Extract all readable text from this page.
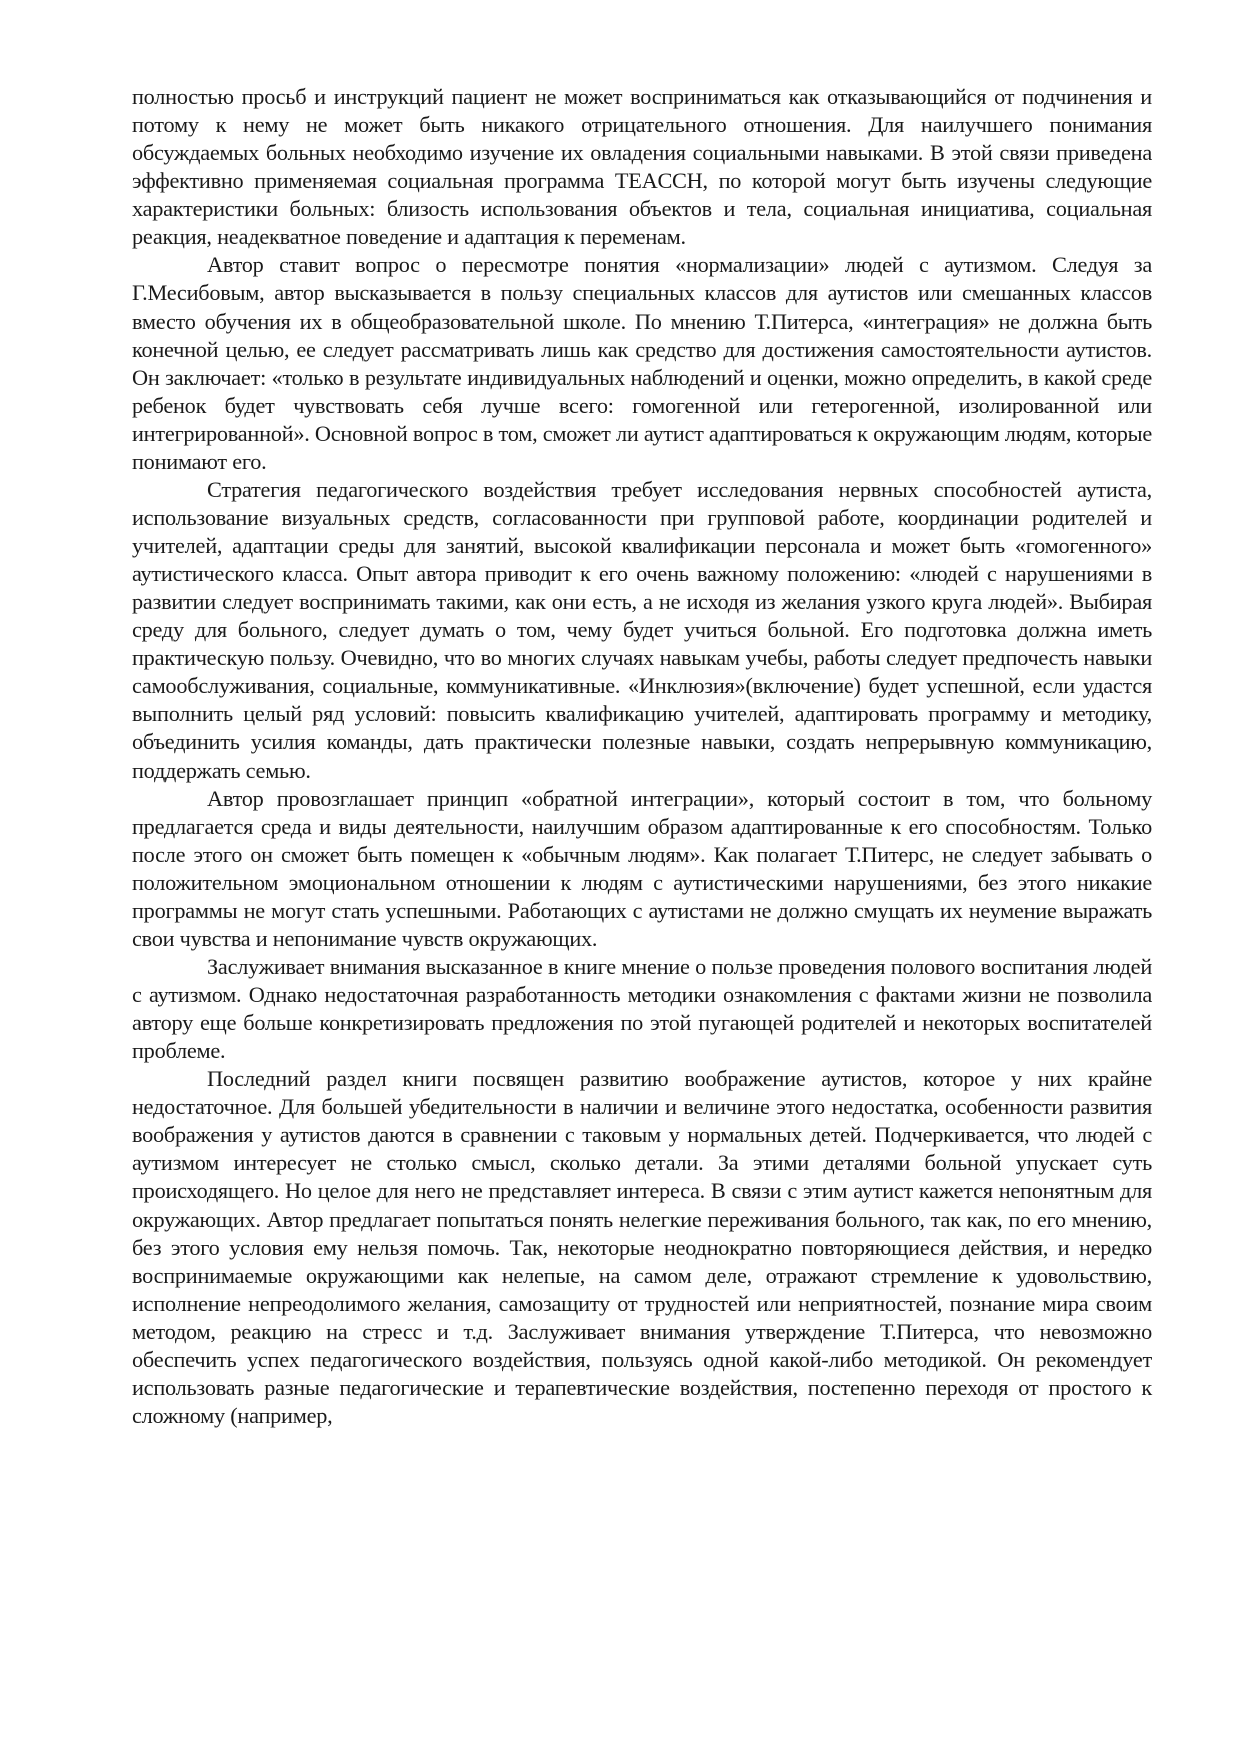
полностью просьб и инструкций пациент не может восприниматься как отказывающийся от подчинения и потому к нему не может быть никакого отрицательного отношения. Для наилучшего понимания обсуждаемых больных необходимо изучение их овладения социальными навыками. В этой связи приведена эффективно применяемая социальная программа TEACCH, по которой могут быть изучены следующие характеристики больных: близость использования объектов и тела, социальная инициатива, социальная реакция, неадекватное поведение и адаптация к переменам.

Автор ставит вопрос о пересмотре понятия «нормализации» людей с аутизмом. Следуя за Г.Месибовым, автор высказывается в пользу специальных классов для аутистов или смешанных классов вместо обучения их в общеобразовательной школе. По мнению Т.Питерса, «интеграция» не должна быть конечной целью, ее следует рассматривать лишь как средство для достижения самостоятельности аутистов. Он заключает: «только в результате индивидуальных наблюдений и оценки, можно определить, в какой среде ребенок будет чувствовать себя лучше всего: гомогенной или гетерогенной, изолированной или интегрированной». Основной вопрос в том, сможет ли аутист адаптироваться к окружающим людям, которые понимают его.

Стратегия педагогического воздействия требует исследования нервных способностей аутиста, использование визуальных средств, согласованности при групповой работе, координации родителей и учителей, адаптации среды для занятий, высокой квалификации персонала и может быть «гомогенного» аутистического класса. Опыт автора приводит к его очень важному положению: «людей с нарушениями в развитии следует воспринимать такими, как они есть, а не исходя из желания узкого круга людей». Выбирая среду для больного, следует думать о том, чему будет учиться больной. Его подготовка должна иметь практическую пользу. Очевидно, что во многих случаях навыкам учебы, работы следует предпочесть навыки самообслуживания, социальные, коммуникативные. «Инклюзия»(включение) будет успешной, если удастся выполнить целый ряд условий: повысить квалификацию учителей, адаптировать программу и методику, объединить усилия команды, дать практически полезные навыки, создать непрерывную коммуникацию, поддержать семью.

Автор провозглашает принцип «обратной интеграции», который состоит в том, что больному предлагается среда и виды деятельности, наилучшим образом адаптированные к его способностям. Только после этого он сможет быть помещен к «обычным людям». Как полагает Т.Питерс, не следует забывать о положительном эмоциональном отношении к людям с аутистическими нарушениями, без этого никакие программы не могут стать успешными. Работающих с аутистами не должно смущать их неумение выражать свои чувства и непонимание чувств окружающих.

Заслуживает внимания высказанное в книге мнение о пользе проведения полового воспитания людей с аутизмом. Однако недостаточная разработанность методики ознакомления с фактами жизни не позволила автору еще больше конкретизировать предложения по этой пугающей родителей и некоторых воспитателей проблеме.

Последний раздел книги посвящен развитию воображение аутистов, которое у них крайне недостаточное. Для большей убедительности в наличии и величине этого недостатка, особенности развития воображения у аутистов даются в сравнении с таковым у нормальных детей. Подчеркивается, что людей с аутизмом интересует не столько смысл, сколько детали. За этими деталями больной упускает суть происходящего. Но целое для него не представляет интереса. В связи с этим аутист кажется непонятным для окружающих. Автор предлагает попытаться понять нелегкие переживания больного, так как, по его мнению, без этого условия ему нельзя помочь. Так, некоторые неоднократно повторяющиеся действия, и нередко воспринимаемые окружающими как нелепые, на самом деле, отражают стремление к удовольствию, исполнение непреодолимого желания, самозащиту от трудностей или неприятностей, познание мира своим методом, реакцию на стресс и т.д. Заслуживает внимания утверждение Т.Питерса, что невозможно обеспечить успех педагогического воздействия, пользуясь одной какой-либо методикой. Он рекомендует использовать разные педагогические и терапевтические воздействия, постепенно переходя от простого к сложному (например,
